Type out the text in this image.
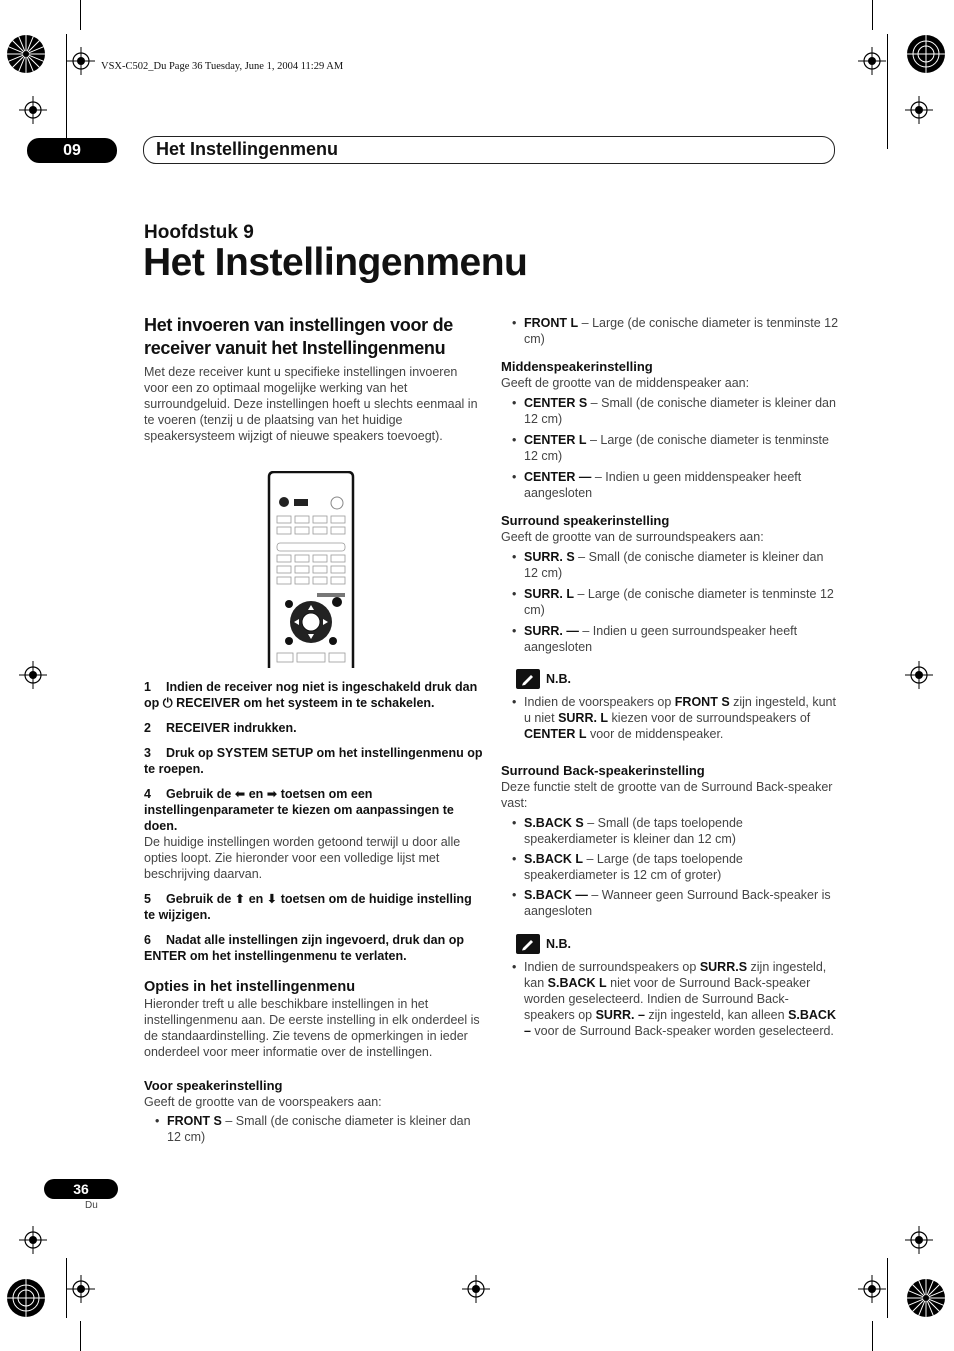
VSX-C502_Du Page 36 Tuesday, June 1, 2004 11:29 AM
09	Het Instellingenmenu
Hoofdstuk 9
Het Instellingenmenu

Het invoeren van instellingen voor de receiver vanuit het Instellingenmenu

Met deze receiver kunt u specifieke instellingen invoeren voor een zo optimaal mogelijke werking van het surroundgeluid. Deze instellingen hoeft u slechts eenmaal in te voeren (tenzij u de plaatsing van het huidige speakersysteem wijzigt of nieuwe speakers toevoegt).

1 Indien de receiver nog niet is ingeschakeld druk dan op ⏻ RECEIVER om het systeem in te schakelen.

2 RECEIVER indrukken.

3 Druk op SYSTEM SETUP om het instellingenmenu op te roepen.

4 Gebruik de ⬅ en ➡ toetsen om een instellingenparameter te kiezen om aanpassingen te doen.

De huidige instellingen worden getoond terwijl u door alle opties loopt. Zie hieronder voor een volledige lijst met beschrijving daarvan.

5 Gebruik de ⬆ en ⬇ toetsen om de huidige instelling te wijzigen.

6 Nadat alle instellingen zijn ingevoerd, druk dan op ENTER om het instellingenmenu te verlaten.

Opties in het instellingenmenu

Hieronder treft u alle beschikbare instellingen in het instellingenmenu aan. De eerste instelling in elk onderdeel is de standaardinstelling. Zie tevens de opmerkingen in ieder onderdeel voor meer informatie over de instellingen.

Voor speakerinstelling

Geeft de grootte van de voorspeakers aan:

• FRONT S – Small (de conische diameter is kleiner dan 12 cm)

• FRONT L – Large (de conische diameter is tenminste 12 cm)

Middenspeakerinstelling

Geeft de grootte van de middenspeaker aan:

• CENTER S – Small (de conische diameter is kleiner dan 12 cm)

• CENTER L – Large (de conische diameter is tenminste 12 cm)

• CENTER — – Indien u geen middenspeaker heeft aangesloten

Surround speakerinstelling

Geeft de grootte van de surroundspeakers aan:

• SURR. S – Small (de conische diameter is kleiner dan 12 cm)

• SURR. L – Large (de conische diameter is tenminste 12 cm)

• SURR. — – Indien u geen surroundspeaker heeft aangesloten

N.B.

• Indien de voorspeakers op FRONT S zijn ingesteld, kunt u niet SURR. L kiezen voor de surroundspeakers of CENTER L voor de middenspeaker.

Surround Back-speakerinstelling

Deze functie stelt de grootte van de Surround Back-speaker vast:

• S.BACK S – Small (de taps toelopende speakerdiameter is kleiner dan 12 cm)

• S.BACK L – Large (de taps toelopende speakerdiameter is 12 cm of groter)

• S.BACK — – Wanneer geen Surround Back-speaker is aangesloten

N.B.

• Indien de surroundspeakers op SURR.S zijn ingesteld, kan S.BACK L niet voor de Surround Back-speaker worden geselecteerd. Indien de Surround Back-speakers op SURR. – zijn ingesteld, kan alleen S.BACK – voor de Surround Back-speaker worden geselecteerd.

36
Du
